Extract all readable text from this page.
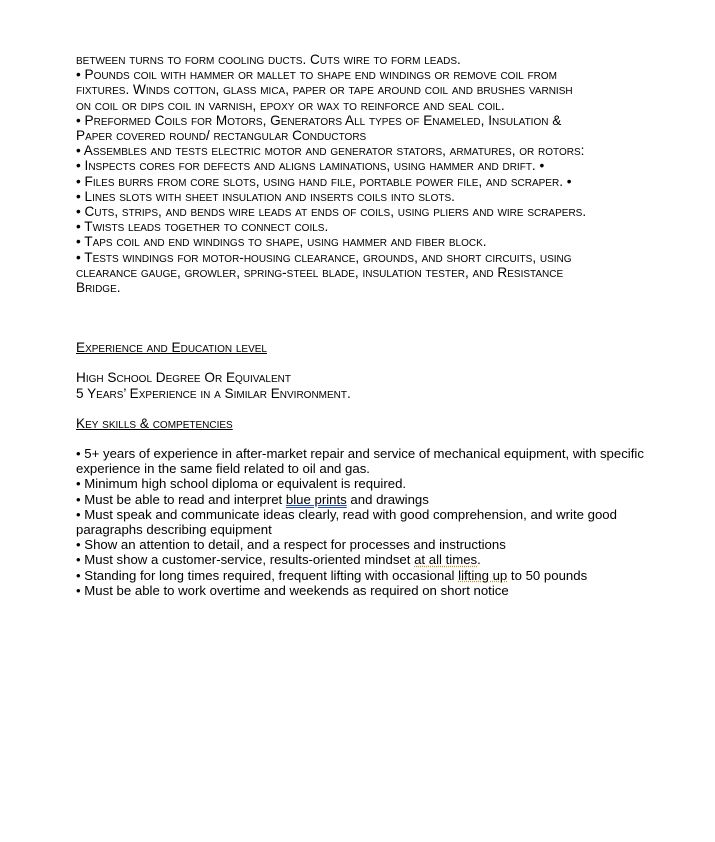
between turns to form cooling ducts. Cuts wire to form leads.

• Pounds coil with hammer or mallet to shape end windings or remove coil from

fixtures. Winds cotton, glass mica, paper or tape around coil and brushes varnish

on coil or dips coil in varnish, epoxy or wax to reinforce and seal coil.

• Preformed Coils for Motors, Generators All types of Enameled, Insulation &

Paper covered round/ rectangular Conductors

• Assembles and tests electric motor and generator stators, armatures, or rotors:

• Inspects cores for defects and aligns laminations, using hammer and drift. •

• Files burrs from core slots, using hand file, portable power file, and scraper. •

• Lines slots with sheet insulation and inserts coils into slots.

• Cuts, strips, and bends wire leads at ends of coils, using pliers and wire scrapers.

• Twists leads together to connect coils.

• Taps coil and end windings to shape, using hammer and fiber block.

• Tests windings for motor-housing clearance, grounds, and short circuits, using

clearance gauge, growler, spring-steel blade, insulation tester, and Resistance

Bridge.

Experience and Education level

High School Degree Or Equivalent

5 Years’ Experience in a Similar Environment.

Key skills & competencies

• 5+ years of experience in after-market repair and service of mechanical equipment, with specific experience in the same field related to oil and gas.

• Minimum high school diploma or equivalent is required.

• Must be able to read and interpret blue prints and drawings

• Must speak and communicate ideas clearly, read with good comprehension, and write good paragraphs describing equipment

• Show an attention to detail, and a respect for processes and instructions

• Must show a customer-service, results-oriented mindset at all times.

• Standing for long times required, frequent lifting with occasional lifting up to 50 pounds

• Must be able to work overtime and weekends as required on short notice
